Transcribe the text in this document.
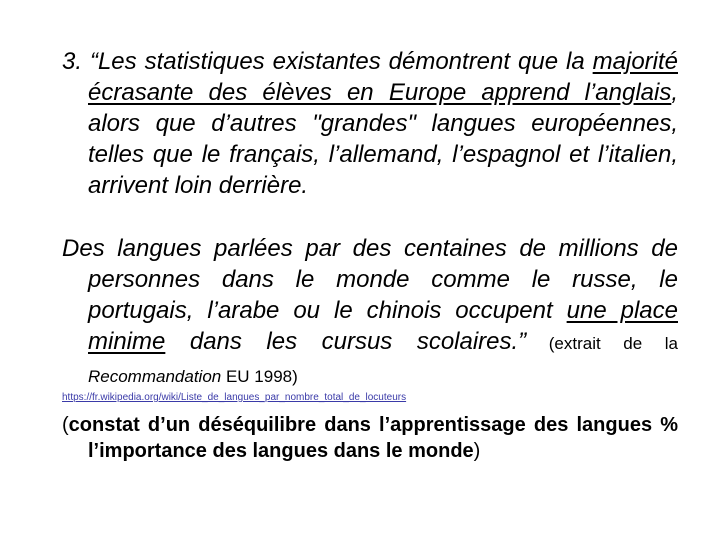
3. “Les statistiques existantes démontrent que la majorité écrasante des élèves en Europe apprend l’anglais, alors que d’autres "grandes" langues européennes, telles que le français, l’allemand, l’espagnol et l’italien, arrivent loin derrière.

Des langues parlées par des centaines de millions de personnes dans le monde comme le russe, le portugais, l’arabe ou le chinois occupent une place minime dans les cursus scolaires.” (extrait de la Recommandation EU 1998)

https://fr.wikipedia.org/wiki/Liste_de_langues_par_nombre_total_de_locuteurs

(constat d’un déséquilibre dans l’apprentissage des langues % l’importance des langues dans le monde)
